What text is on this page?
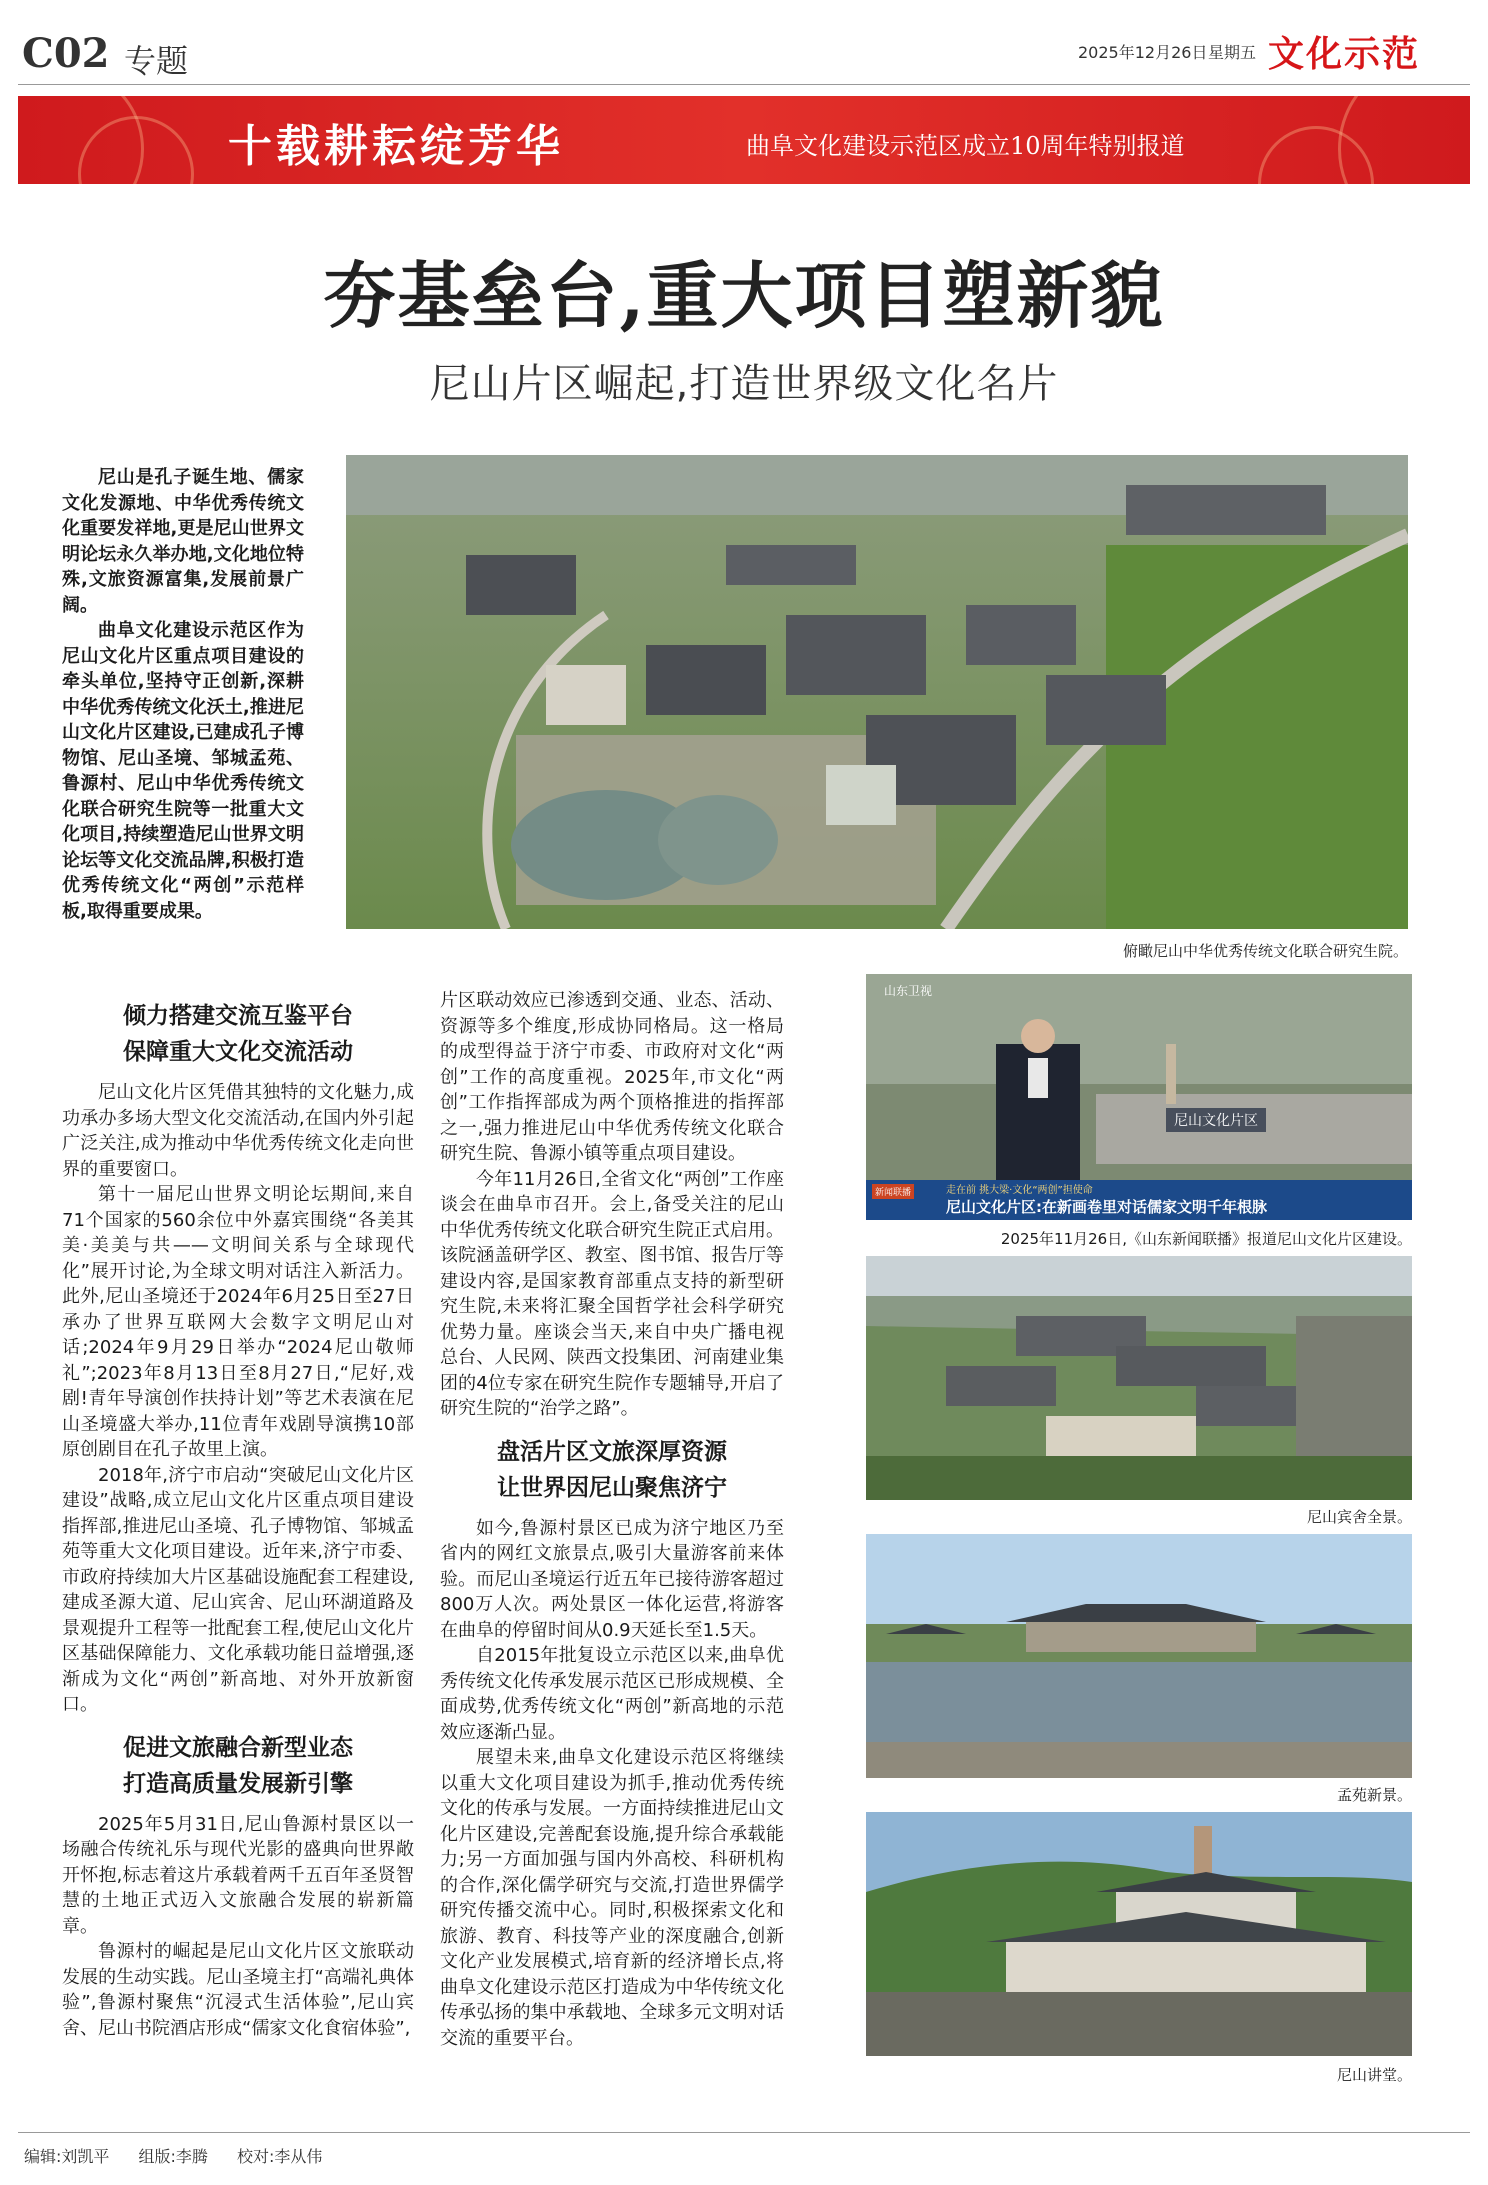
C02 专题	2025年12月26日 星期五 文化示范
十载耕耘绽芳华	曲阜文化建设示范区成立10周年特别报道
夯基垒台,重大项目塑新貌
尼山片区崛起,打造世界级文化名片

尼山是孔子诞生地、儒家文化发源地、中华优秀传统文化重要发祥地,更是尼山世界文明论坛永久举办地,文化地位特殊,文旅资源富集,发展前景广阔。

曲阜文化建设示范区作为尼山文化片区重点项目建设的牵头单位,坚持守正创新,深耕中华优秀传统文化沃土,推进尼山文化片区建设,已建成孔子博物馆、尼山圣境、邹城孟苑、鲁源村、尼山中华优秀传统文化联合研究生院等一批重大文化项目,持续塑造尼山世界文明论坛等文化交流品牌,积极打造优秀传统文化“两创”示范样板,取得重要成果。

俯瞰尼山中华优秀传统文化联合研究生院。
倾力搭建交流互鉴平台
保障重大文化交流活动

尼山文化片区凭借其独特的文化魅力,成功承办多场大型文化交流活动,在国内外引起广泛关注,成为推动中华优秀传统文化走向世界的重要窗口。

第十一届尼山世界文明论坛期间,来自71个国家的560余位中外嘉宾围绕“各美其美·美美与共——文明间关系与全球现代化”展开讨论,为全球文明对话注入新活力。此外,尼山圣境还于2024年6月25日至27日承办了世界互联网大会数字文明尼山对话;2024年9月29日举办“2024尼山敬师礼”;2023年8月13日至8月27日,“尼好,戏剧!青年导演创作扶持计划”等艺术表演在尼山圣境盛大举办,11位青年戏剧导演携10部原创剧目在孔子故里上演。

2018年,济宁市启动“突破尼山文化片区建设”战略,成立尼山文化片区重点项目建设指挥部,推进尼山圣境、孔子博物馆、邹城孟苑等重大文化项目建设。近年来,济宁市委、市政府持续加大片区基础设施配套工程建设,建成圣源大道、尼山宾舍、尼山环湖道路及景观提升工程等一批配套工程,使尼山文化片区基础保障能力、文化承载功能日益增强,逐渐成为文化“两创”新高地、对外开放新窗口。

促进文旅融合新型业态
打造高质量发展新引擎

2025年5月31日,尼山鲁源村景区以一场融合传统礼乐与现代光影的盛典向世界敞开怀抱,标志着这片承载着两千五百年圣贤智慧的土地正式迈入文旅融合发展的崭新篇章。

鲁源村的崛起是尼山文化片区文旅联动发展的生动实践。尼山圣境主打“高端礼典体验”,鲁源村聚焦“沉浸式生活体验”,尼山宾舍、尼山书院酒店形成“儒家文化食宿体验”,

片区联动效应已渗透到交通、业态、活动、资源等多个维度,形成协同格局。这一格局的成型得益于济宁市委、市政府对文化“两创”工作的高度重视。2025年,市文化“两创”工作指挥部成为两个顶格推进的指挥部之一,强力推进尼山中华优秀传统文化联合研究生院、鲁源小镇等重点项目建设。

今年11月26日,全省文化“两创”工作座谈会在曲阜市召开。会上,备受关注的尼山中华优秀传统文化联合研究生院正式启用。该院涵盖研学区、教室、图书馆、报告厅等建设内容,是国家教育部重点支持的新型研究生院,未来将汇聚全国哲学社会科学研究优势力量。座谈会当天,来自中央广播电视总台、人民网、陕西文投集团、河南建业集团的4位专家在研究生院作专题辅导,开启了研究生院的“治学之路”。

盘活片区文旅深厚资源
让世界因尼山聚焦济宁

如今,鲁源村景区已成为济宁地区乃至省内的网红文旅景点,吸引大量游客前来体验。而尼山圣境运行近五年已接待游客超过800万人次。两处景区一体化运营,将游客在曲阜的停留时间从0.9天延长至1.5天。

自2015年批复设立示范区以来,曲阜优秀传统文化传承发展示范区已形成规模、全面成势,优秀传统文化“两创”新高地的示范效应逐渐凸显。

展望未来,曲阜文化建设示范区将继续以重大文化项目建设为抓手,推动优秀传统文化的传承与发展。一方面持续推进尼山文化片区建设,完善配套设施,提升综合承载能力;另一方面加强与国内外高校、科研机构的合作,深化儒学研究与交流,打造世界儒学研究传播交流中心。同时,积极探索文化和旅游、教育、科技等产业的深度融合,创新文化产业发展模式,培育新的经济增长点,将曲阜文化建设示范区打造成为中华传统文化传承弘扬的集中承载地、全球多元文明对话交流的重要平台。

山东卫视
尼山文化片区
新闻联播	走在前 挑大梁·文化“两创”担使命
尼山文化片区:在新画卷里对话儒家文明千年根脉
2025年11月26日,《山东新闻联播》报道尼山文化片区建设。
尼山宾舍全景。
孟苑新景。
尼山讲堂。
编辑:刘凯平 组版:李腾 校对:李从伟
